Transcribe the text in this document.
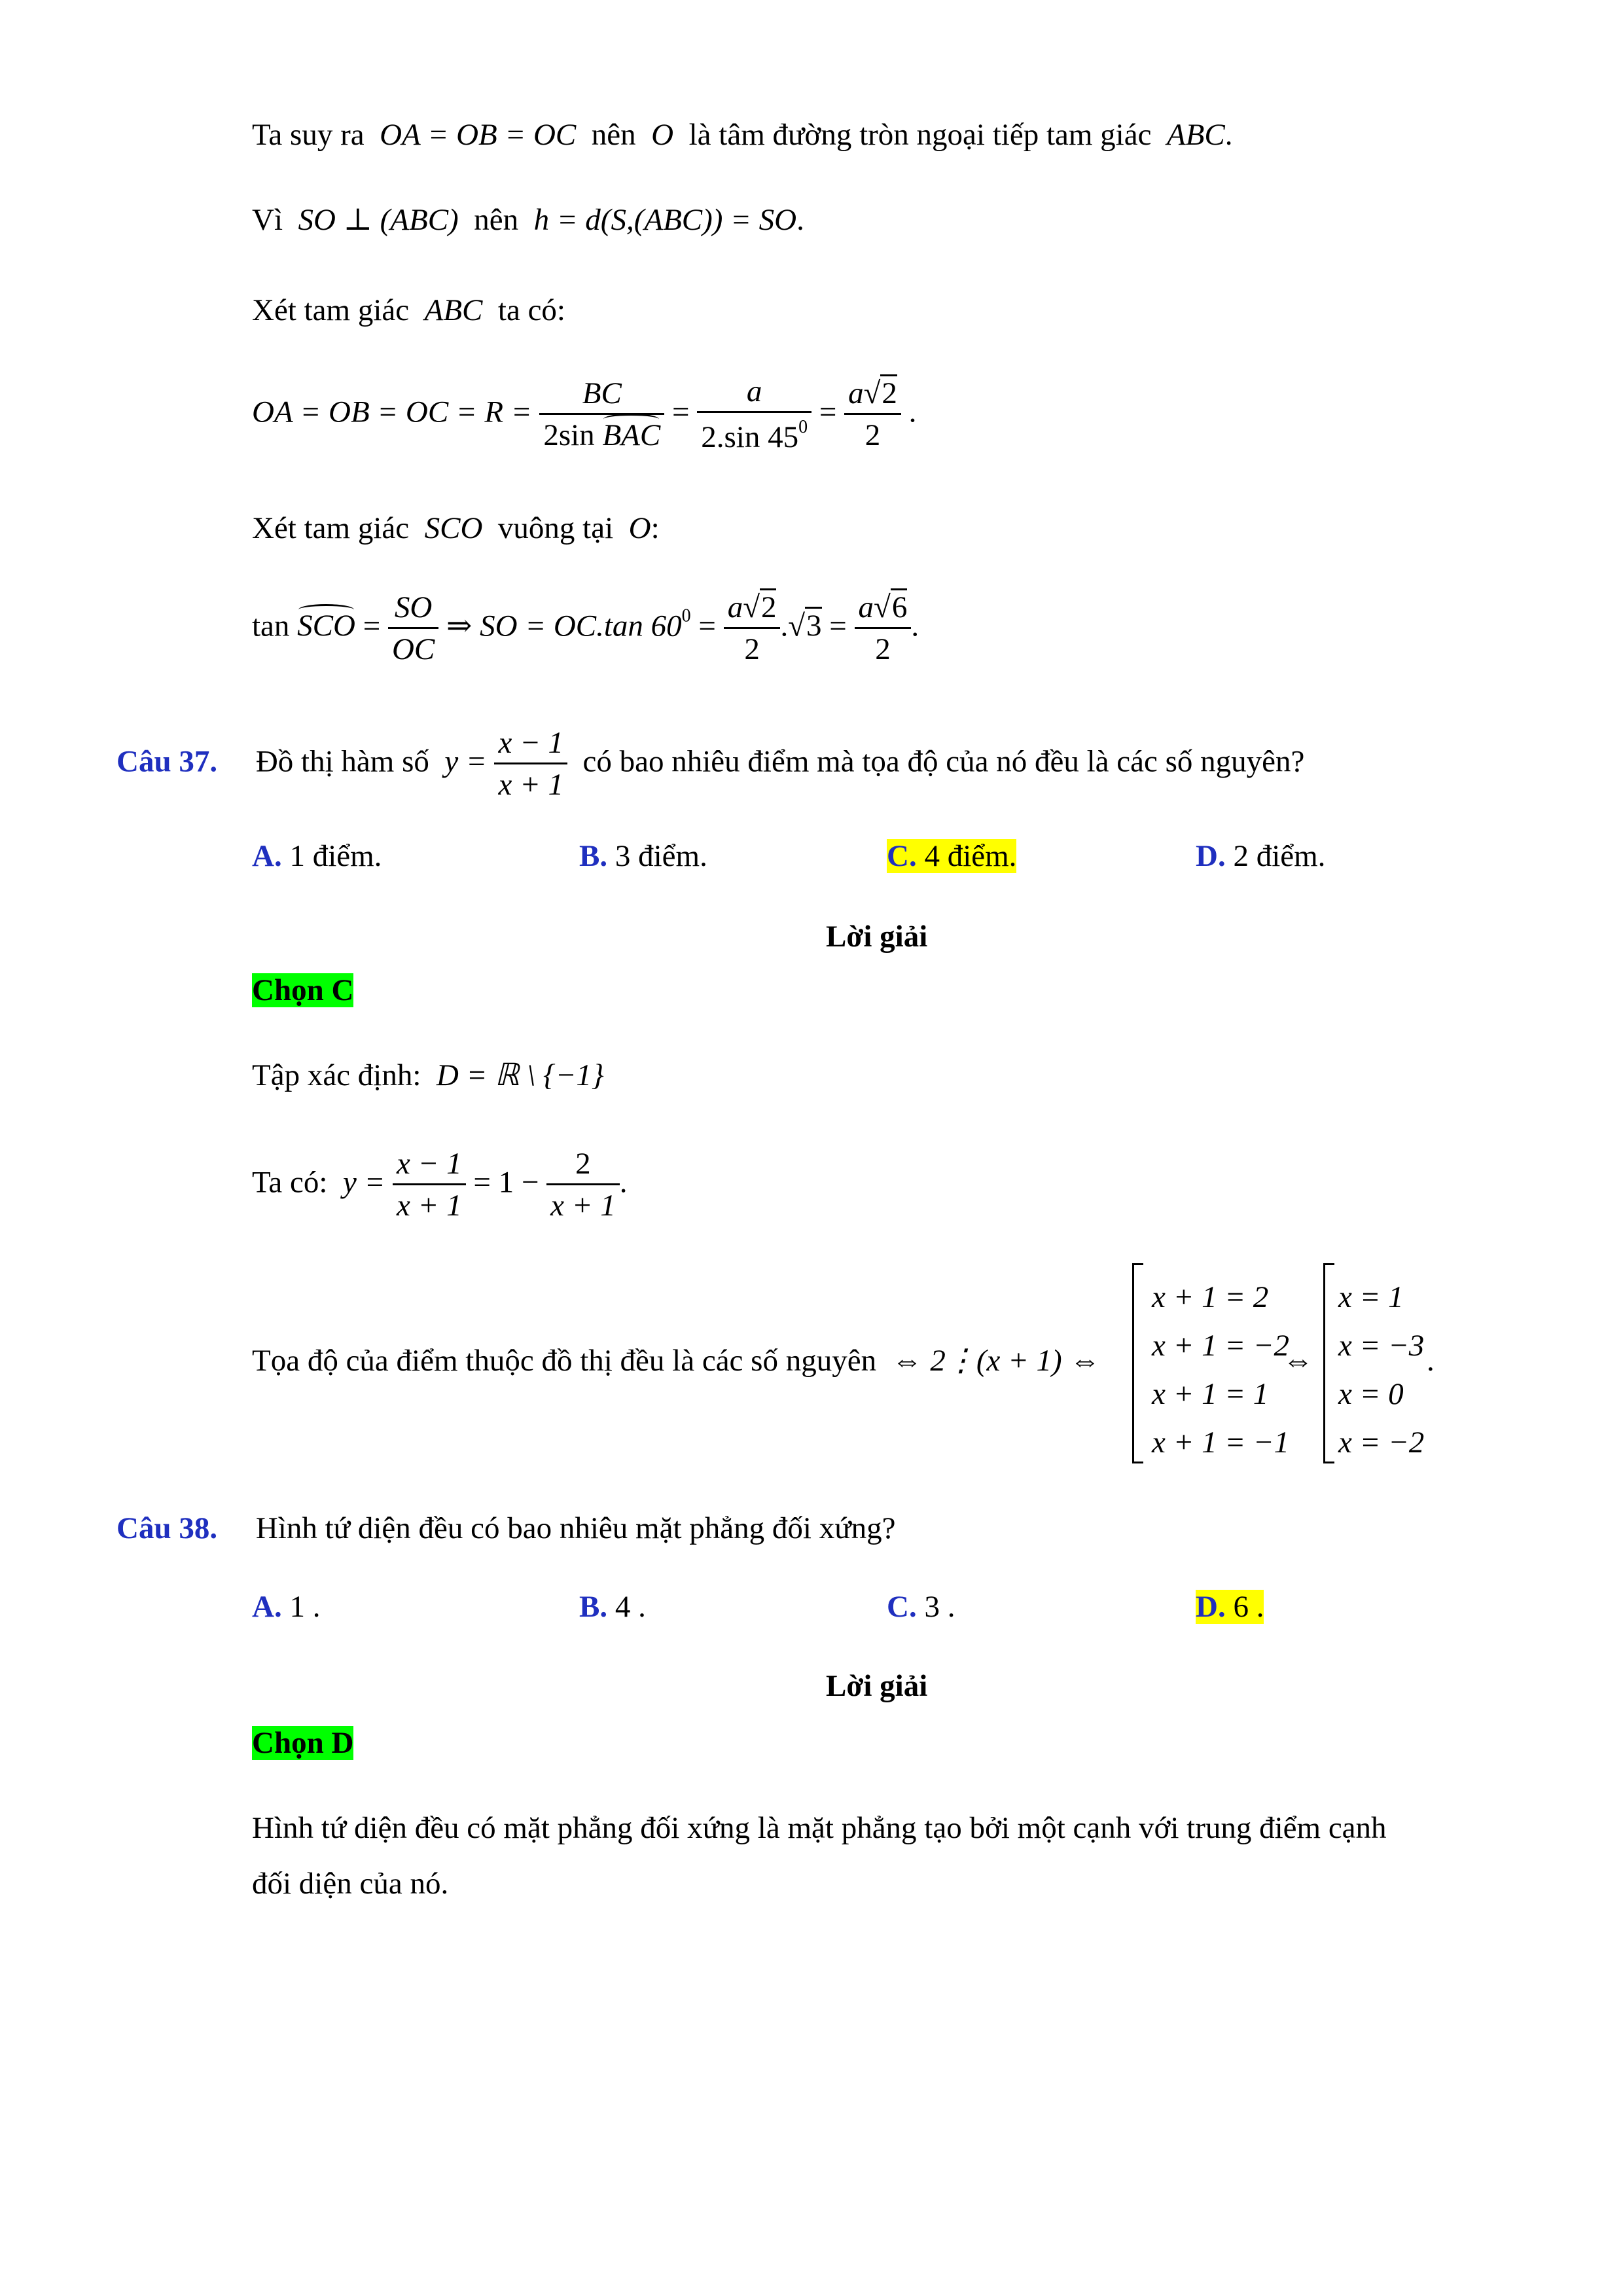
Ta suy ra OA = OB = OC nên O là tâm đường tròn ngoại tiếp tam giác ABC.
Vì SO ⊥ (ABC) nên h = d(S,(ABC)) = SO.
Xét tam giác ABC ta có:
OA = OB = OC = $R = \frac{BC}{\text{2sin BAC}} = \frac{a}{2.\sin 45^0} = \frac{a√2}{2}$ .
Xét tam giác SCO vuông tại O:
tan SCO = $\frac{SO}{OC}$ ⇒ SO = OC.tan $60^0 = \frac{a√2}{2} .√3 = \frac{a√6}{2}$ .
Câu 37. Đồ thị hàm số $y = \frac{x - 1}{x + 1}$ có bao nhiêu điểm mà tọa độ của nó đều là các số nguyên?
A. 1 điểm.	B. 3 điểm.	C. 4 điểm.	D. 2 điểm.
Lời giải
Chọn C
Tập xác định: D = ℝ \ {−1}
Ta có: $y = \frac{x - 1}{x + 1} = 1 - \frac{2}{x + 1}$ .
Tọa độ của điểm thuộc đồ thị đều là các số nguyên ⇔ 2⋮(x + 1) ⇔
x + 1 = 2
x + 1 = −2
x + 1 = 1
x + 1 = −1
⇔
x = 1
x = −3
x = 0
x = −2
.
Câu 38. Hình tứ diện đều có bao nhiêu mặt phẳng đối xứng?
A. 1 .	B. 4 .	C. 3 .	D. 6 .
Lời giải
Chọn D
Hình tứ diện đều có mặt phẳng đối xứng là mặt phẳng tạo bởi một cạnh với trung điểm cạnh
đối diện của nó.
